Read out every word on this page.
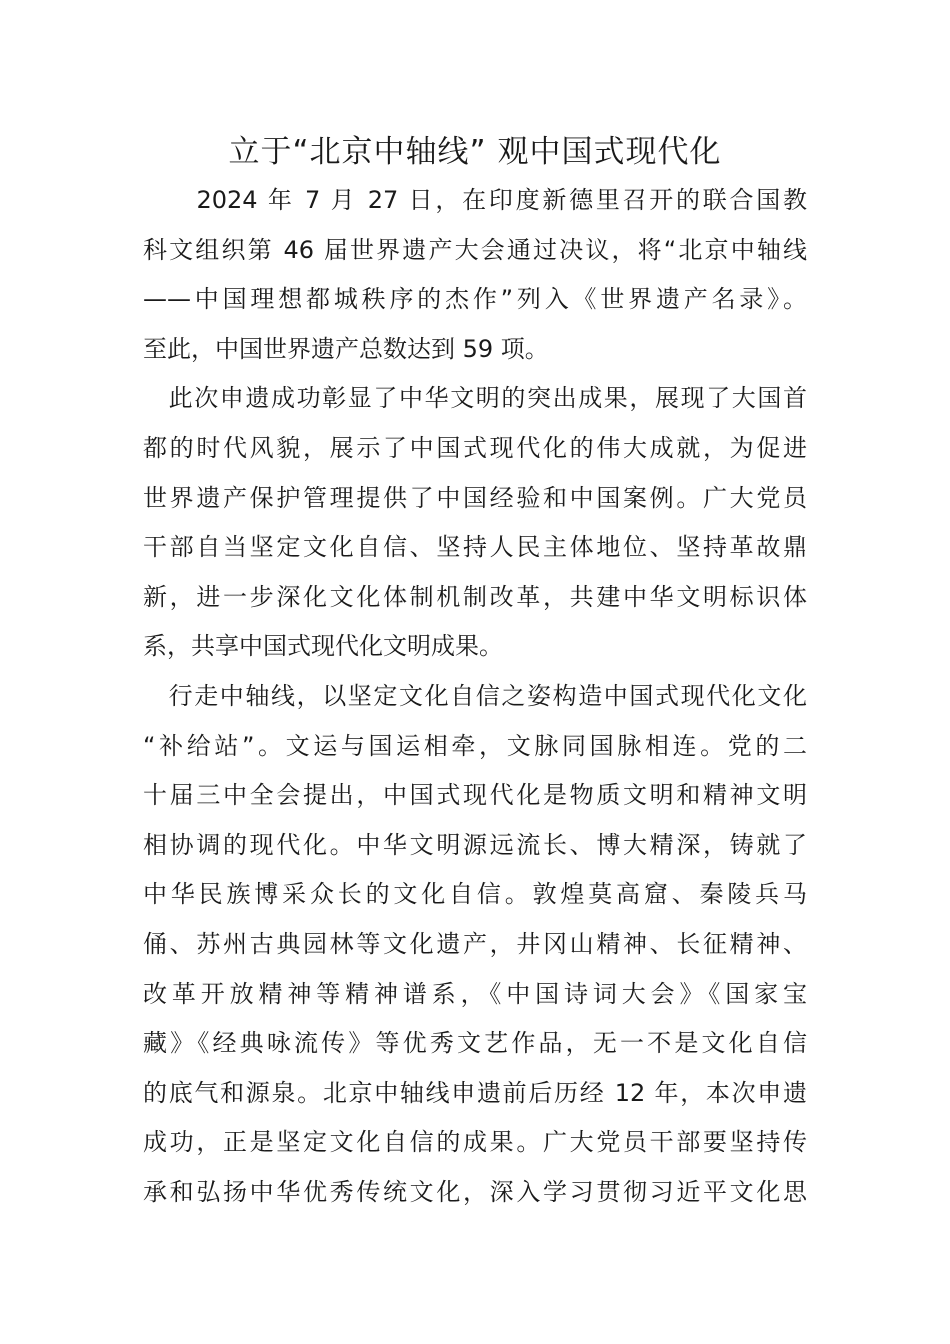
立于“北京中轴线” 观中国式现代化
　　2024 年 7 月 27 日，在印度新德里召开的联合国教
科文组织第 46 届世界遗产大会通过决议，将“北京中轴线
——中国理想都城秩序的杰作”列入《世界遗产名录》。
至此，中国世界遗产总数达到 59 项。
　此次申遗成功彰显了中华文明的突出成果，展现了大国首
都的时代风貌，展示了中国式现代化的伟大成就，为促进
世界遗产保护管理提供了中国经验和中国案例。广大党员
干部自当坚定文化自信、坚持人民主体地位、坚持革故鼎
新，进一步深化文化体制机制改革，共建中华文明标识体
系，共享中国式现代化文明成果。
　行走中轴线，以坚定文化自信之姿构造中国式现代化文化
“补给站”。文运与国运相牵，文脉同国脉相连。党的二
十届三中全会提出，中国式现代化是物质文明和精神文明
相协调的现代化。中华文明源远流长、博大精深，铸就了
中华民族博采众长的文化自信。敦煌莫高窟、秦陵兵马
俑、苏州古典园林等文化遗产，井冈山精神、长征精神、
改革开放精神等精神谱系，《中国诗词大会》《国家宝
藏》《经典咏流传》等优秀文艺作品，无一不是文化自信
的底气和源泉。北京中轴线申遗前后历经 12 年，本次申遗
成功，正是坚定文化自信的成果。广大党员干部要坚持传
承和弘扬中华优秀传统文化，深入学习贯彻习近平文化思
